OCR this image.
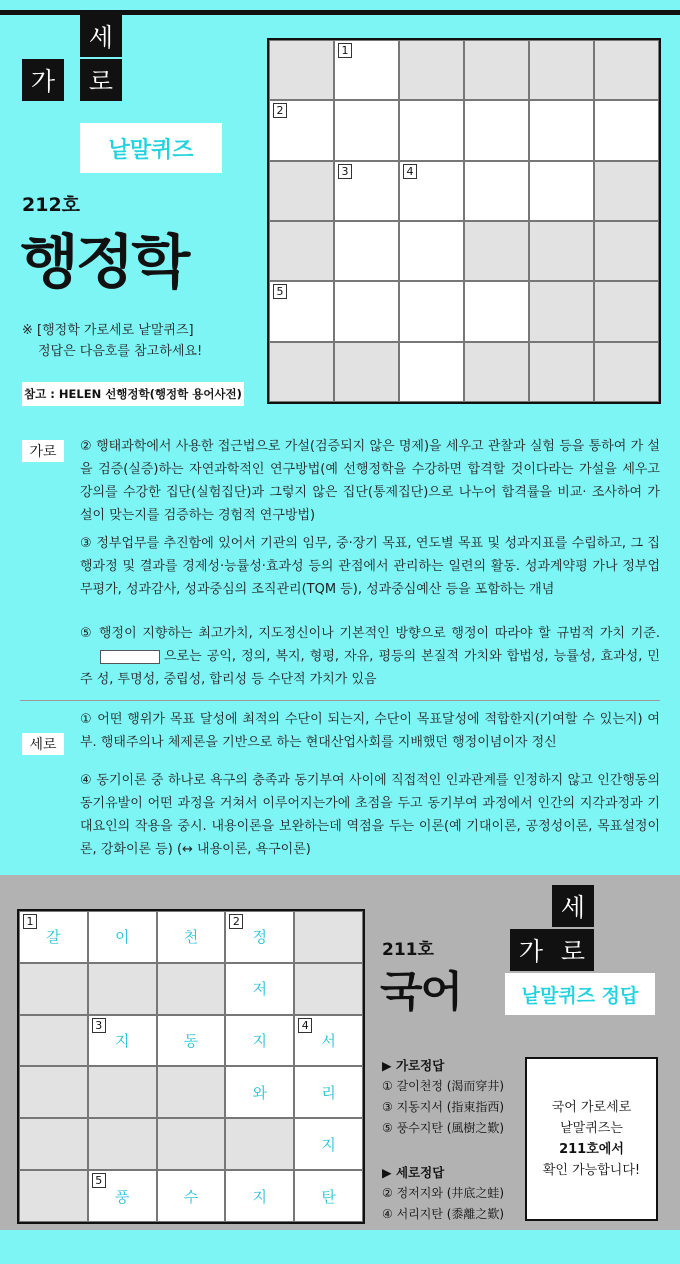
세
가	로
낱말퀴즈
212호
행정학
※ [행정학 가로세로 낱말퀴즈]
정답은 다음호를 참고하세요!
참고 : HELEN 선행정학(행정학 용어사전)
1
2
3	4
5
가로	② 행태과학에서 사용한 접근법으로 가설(검증되지 않은 명제)을 세우고 관찰과 실험 등을 통하여 가 설을 검증(실증)하는 자연과학적인 연구방법(예 선행정학을 수강하면 합격할 것이다라는 가설을 세우고 강의를 수강한 집단(실험집단)과 그렇지 않은 집단(통제집단)으로 나누어 합격률을 비교· 조사하여 가설이 맞는지를 검증하는 경험적 연구방법)
③ 정부업무를 추진함에 있어서 기관의 임무, 중·장기 목표, 연도별 목표 및 성과지표를 수립하고, 그 집행과정 및 결과를 경제성·능률성·효과성 등의 관점에서 관리하는 일련의 활동. 성과계약평 가나 정부업무평가, 성과감사, 성과중심의 조직관리(TQM 등), 성과중심예산 등을 포함하는 개념
⑤ 행정이 지향하는 최고가치, 지도정신이나 기본적인 방향으로 행정이 따라야 할 규범적 가치 기준. 으로는 공익, 정의, 복지, 형평, 자유, 평등의 본질적 가치와 합법성, 능률성, 효과성, 민주 성, 투명성, 중립성, 합리성 등 수단적 가치가 있음
세로
① 어떤 행위가 목표 달성에 최적의 수단이 되는지, 수단이 목표달성에 적합한지(기여할 수 있는지) 여부. 행태주의나 체제론을 기반으로 하는 현대산업사회를 지배했던 행정이념이자 정신
④ 동기이론 중 하나로 욕구의 충족과 동기부여 사이에 직접적인 인과관계를 인정하지 않고 인간행동의 동기유발이 어떤 과정을 거쳐서 이루어지는가에 초점을 두고 동기부여 과정에서 인간의 지각과정과 기대요인의 작용을 중시. 내용이론을 보완하는데 역점을 두는 이론(예 기대이론, 공정성이론, 목표설정이론, 강화이론 등) (↔ 내용이론, 욕구이론)
1
갈	이	천
2
정
저
3
지	동	지
4
서
와	리
지
5
풍	수	지	탄
211호
국어
세
가 로
낱말퀴즈 정답
▶ 가로정답
① 갈이천정 (渴而穿井)
③ 지동지서 (指東指西)
⑤ 풍수지탄 (風樹之歎)
▶ 세로정답
② 정저지와 (井底之蛙)
④ 서리지탄 (黍離之歎)
국어 가로세로
낱말퀴즈는
211호에서
확인 가능합니다!
